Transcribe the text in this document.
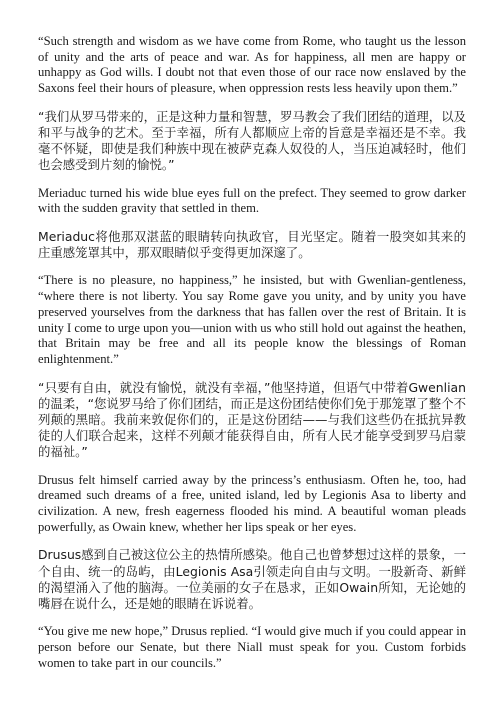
“Such strength and wisdom as we have come from Rome, who taught us the lesson of unity and the arts of peace and war. As for happiness, all men are happy or unhappy as God wills. I doubt not that even those of our race now enslaved by the Saxons feel their hours of pleasure, when oppression rests less heavily upon them.”

“我们从罗马带来的，正是这种力量和智慧，罗马教会了我们团结的道理，以及和平与战争的艺术。至于幸福，所有人都顺应上帝的旨意是幸福还是不幸。我毫不怀疑，即使是我们种族中现在被萨克森人奴役的人，当压迫减轻时，他们也会感受到片刻的愉悦。”

Meriaduc turned his wide blue eyes full on the prefect. They seemed to grow darker with the sudden gravity that settled in them.

Meriaduc将他那双湛蓝的眼睛转向执政官，目光坚定。随着一股突如其来的庄重感笼罩其中，那双眼睛似乎变得更加深邃了。

“There is no pleasure, no happiness,” he insisted, but with Gwenlian-gentleness, “where there is not liberty. You say Rome gave you unity, and by unity you have preserved yourselves from the darkness that has fallen over the rest of Britain. It is unity I come to urge upon you—union with us who still hold out against the heathen, that Britain may be free and all its people know the blessings of Roman enlightenment.”

“只要有自由，就没有愉悦，就没有幸福，”他坚持道，但语气中带着Gwenlian的温柔，“您说罗马给了你们团结，而正是这份团结使你们免于那笼罩了整个不列颠的黑暗。我前来敦促你们的，正是这份团结——与我们这些仍在抵抗异教徒的人们联合起来，这样不列颠才能获得自由，所有人民才能享受到罗马启蒙的福祉。”

Drusus felt himself carried away by the princess’s enthusiasm. Often he, too, had dreamed such dreams of a free, united island, led by Legionis Asa to liberty and civilization. A new, fresh eagerness flooded his mind. A beautiful woman pleads powerfully, as Owain knew, whether her lips speak or her eyes.

Drusus感到自己被这位公主的热情所感染。他自己也曾梦想过这样的景象，一个自由、统一的岛屿，由Legionis Asa引领走向自由与文明。一股新奇、新鲜的渴望涌入了他的脑海。一位美丽的女子在恳求，正如Owain所知，无论她的嘴唇在说什么，还是她的眼睛在诉说着。

“You give me new hope,” Drusus replied. “I would give much if you could appear in person before our Senate, but there Niall must speak for you. Custom forbids women to take part in our councils.”
